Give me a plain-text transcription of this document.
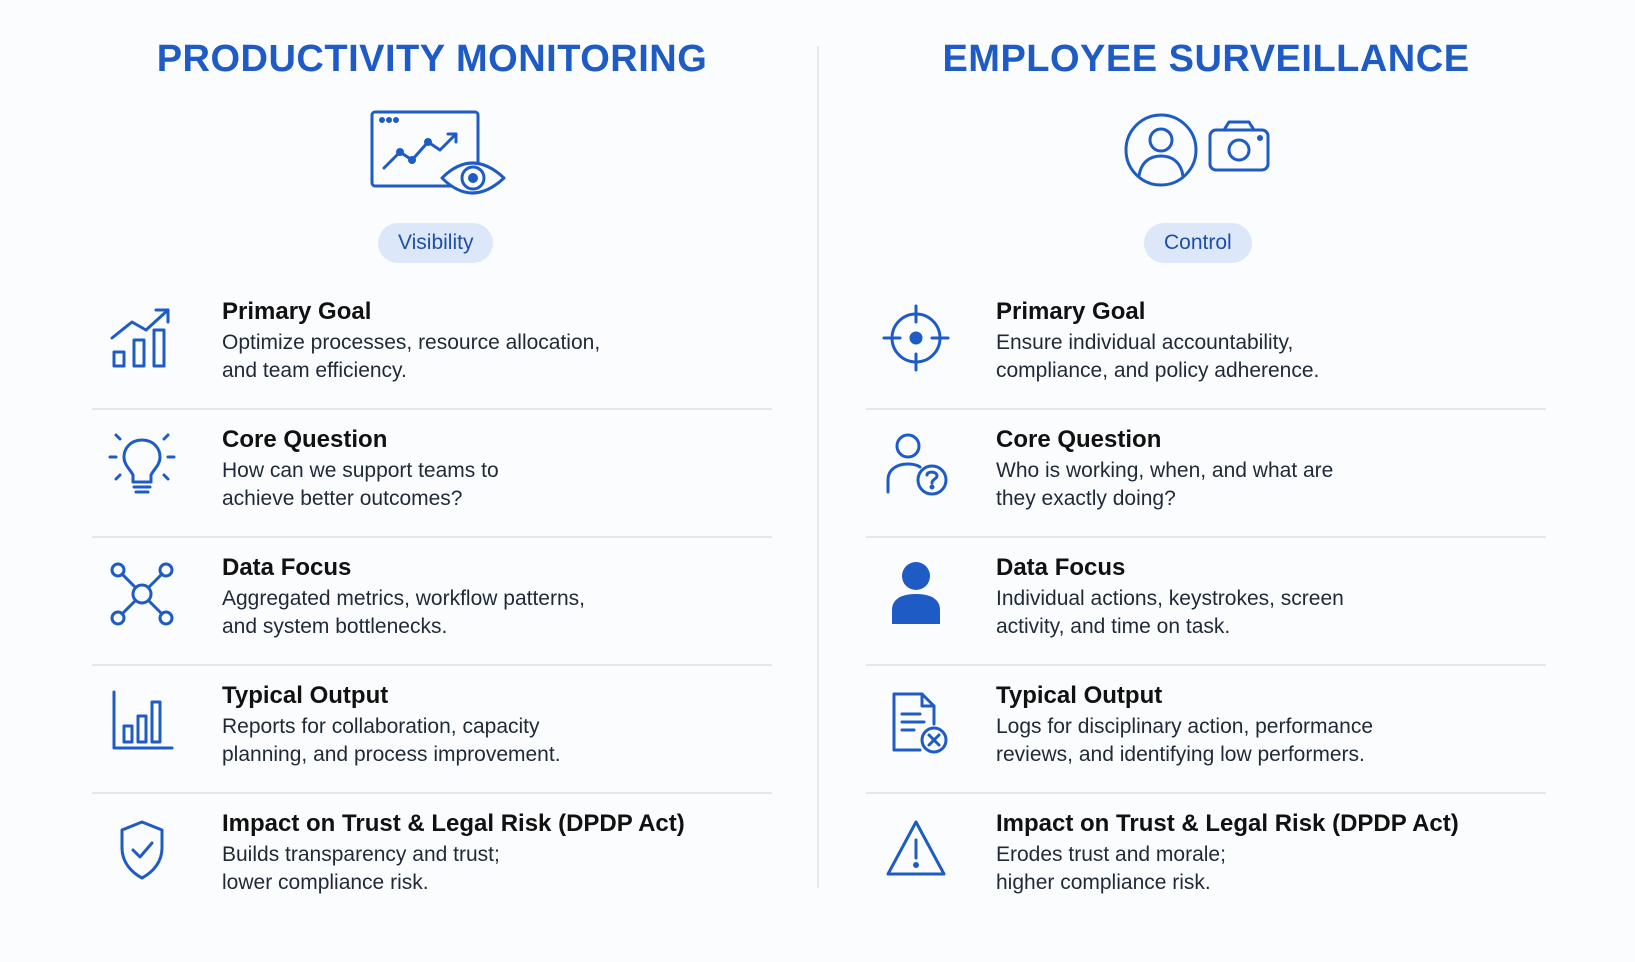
PRODUCTIVITY MONITORING
Visibility
Primary Goal
Optimize processes, resource allocation,
and team efficiency.
Core Question
How can we support teams to
achieve better outcomes?
Data Focus
Aggregated metrics, workflow patterns,
and system bottlenecks.
Typical Output
Reports for collaboration, capacity
planning, and process improvement.
Impact on Trust & Legal Risk (DPDP Act)
Builds transparency and trust;
lower compliance risk.
EMPLOYEE SURVEILLANCE
Control
Primary Goal
Ensure individual accountability,
compliance, and policy adherence.
Core Question
Who is working, when, and what are
they exactly doing?
Data Focus
Individual actions, keystrokes, screen
activity, and time on task.
Typical Output
Logs for disciplinary action, performance
reviews, and identifying low performers.
Impact on Trust & Legal Risk (DPDP Act)
Erodes trust and morale;
higher compliance risk.
